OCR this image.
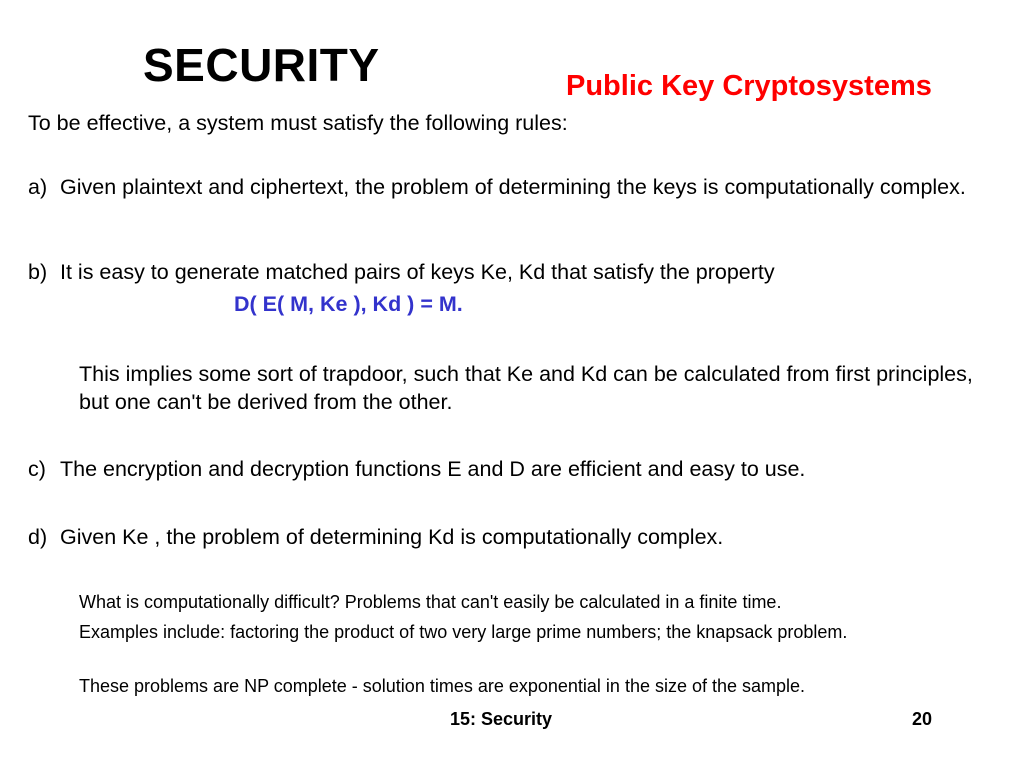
SECURITY	Public Key Cryptosystems
To be effective, a system must satisfy the following rules:
a) Given plaintext and ciphertext, the problem of determining the keys is computationally complex.
b) It is easy to generate matched pairs of keys Ke, Kd that satisfy the property
D( E( M, Ke ), Kd ) = M.
This implies some sort of trapdoor, such that Ke and Kd can be calculated from first principles, but one can't be derived from the other.
c) The encryption and decryption functions E and D are efficient and easy to use.
d) Given Ke , the problem of determining Kd is computationally complex.
What is computationally difficult? Problems that can't easily be calculated in a finite time.
Examples include: factoring the product of two very large prime numbers; the knapsack problem.
These problems are NP complete - solution times are exponential in the size of the sample.
15: Security	20
